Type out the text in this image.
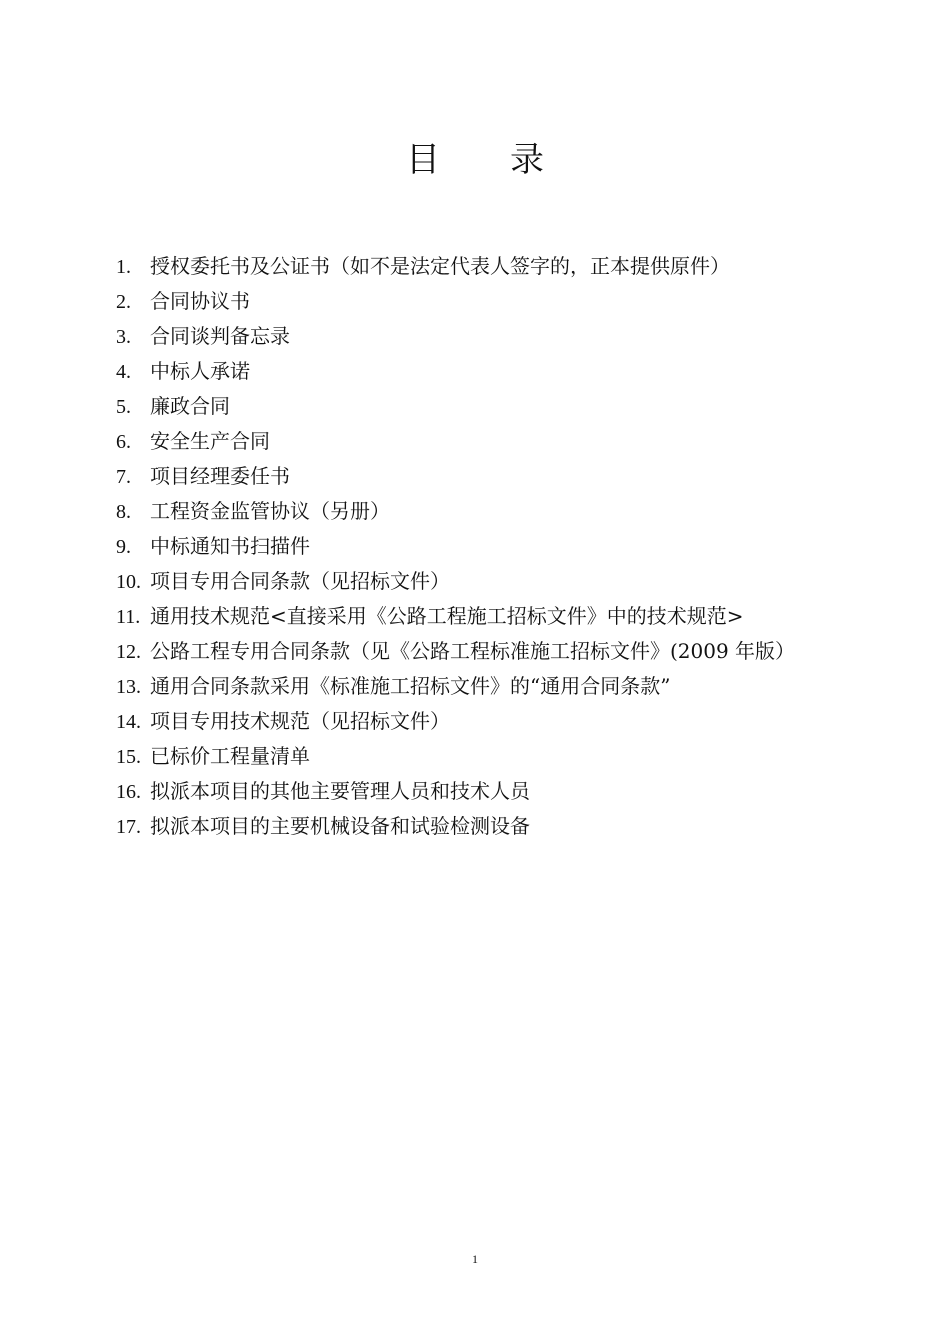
目 录
1. 授权委托书及公证书（如不是法定代表人签字的，正本提供原件）
2. 合同协议书
3. 合同谈判备忘录
4. 中标人承诺
5. 廉政合同
6. 安全生产合同
7. 项目经理委任书
8. 工程资金监管协议（另册）
9. 中标通知书扫描件
10. 项目专用合同条款（见招标文件）
11. 通用技术规范<直接采用《公路工程施工招标文件》中的技术规范>
12. 公路工程专用合同条款（见《公路工程标准施工招标文件》(2009 年版）
13. 通用合同条款采用《标准施工招标文件》的“通用合同条款”
14. 项目专用技术规范（见招标文件）
15. 已标价工程量清单
16. 拟派本项目的其他主要管理人员和技术人员
17. 拟派本项目的主要机械设备和试验检测设备
1
